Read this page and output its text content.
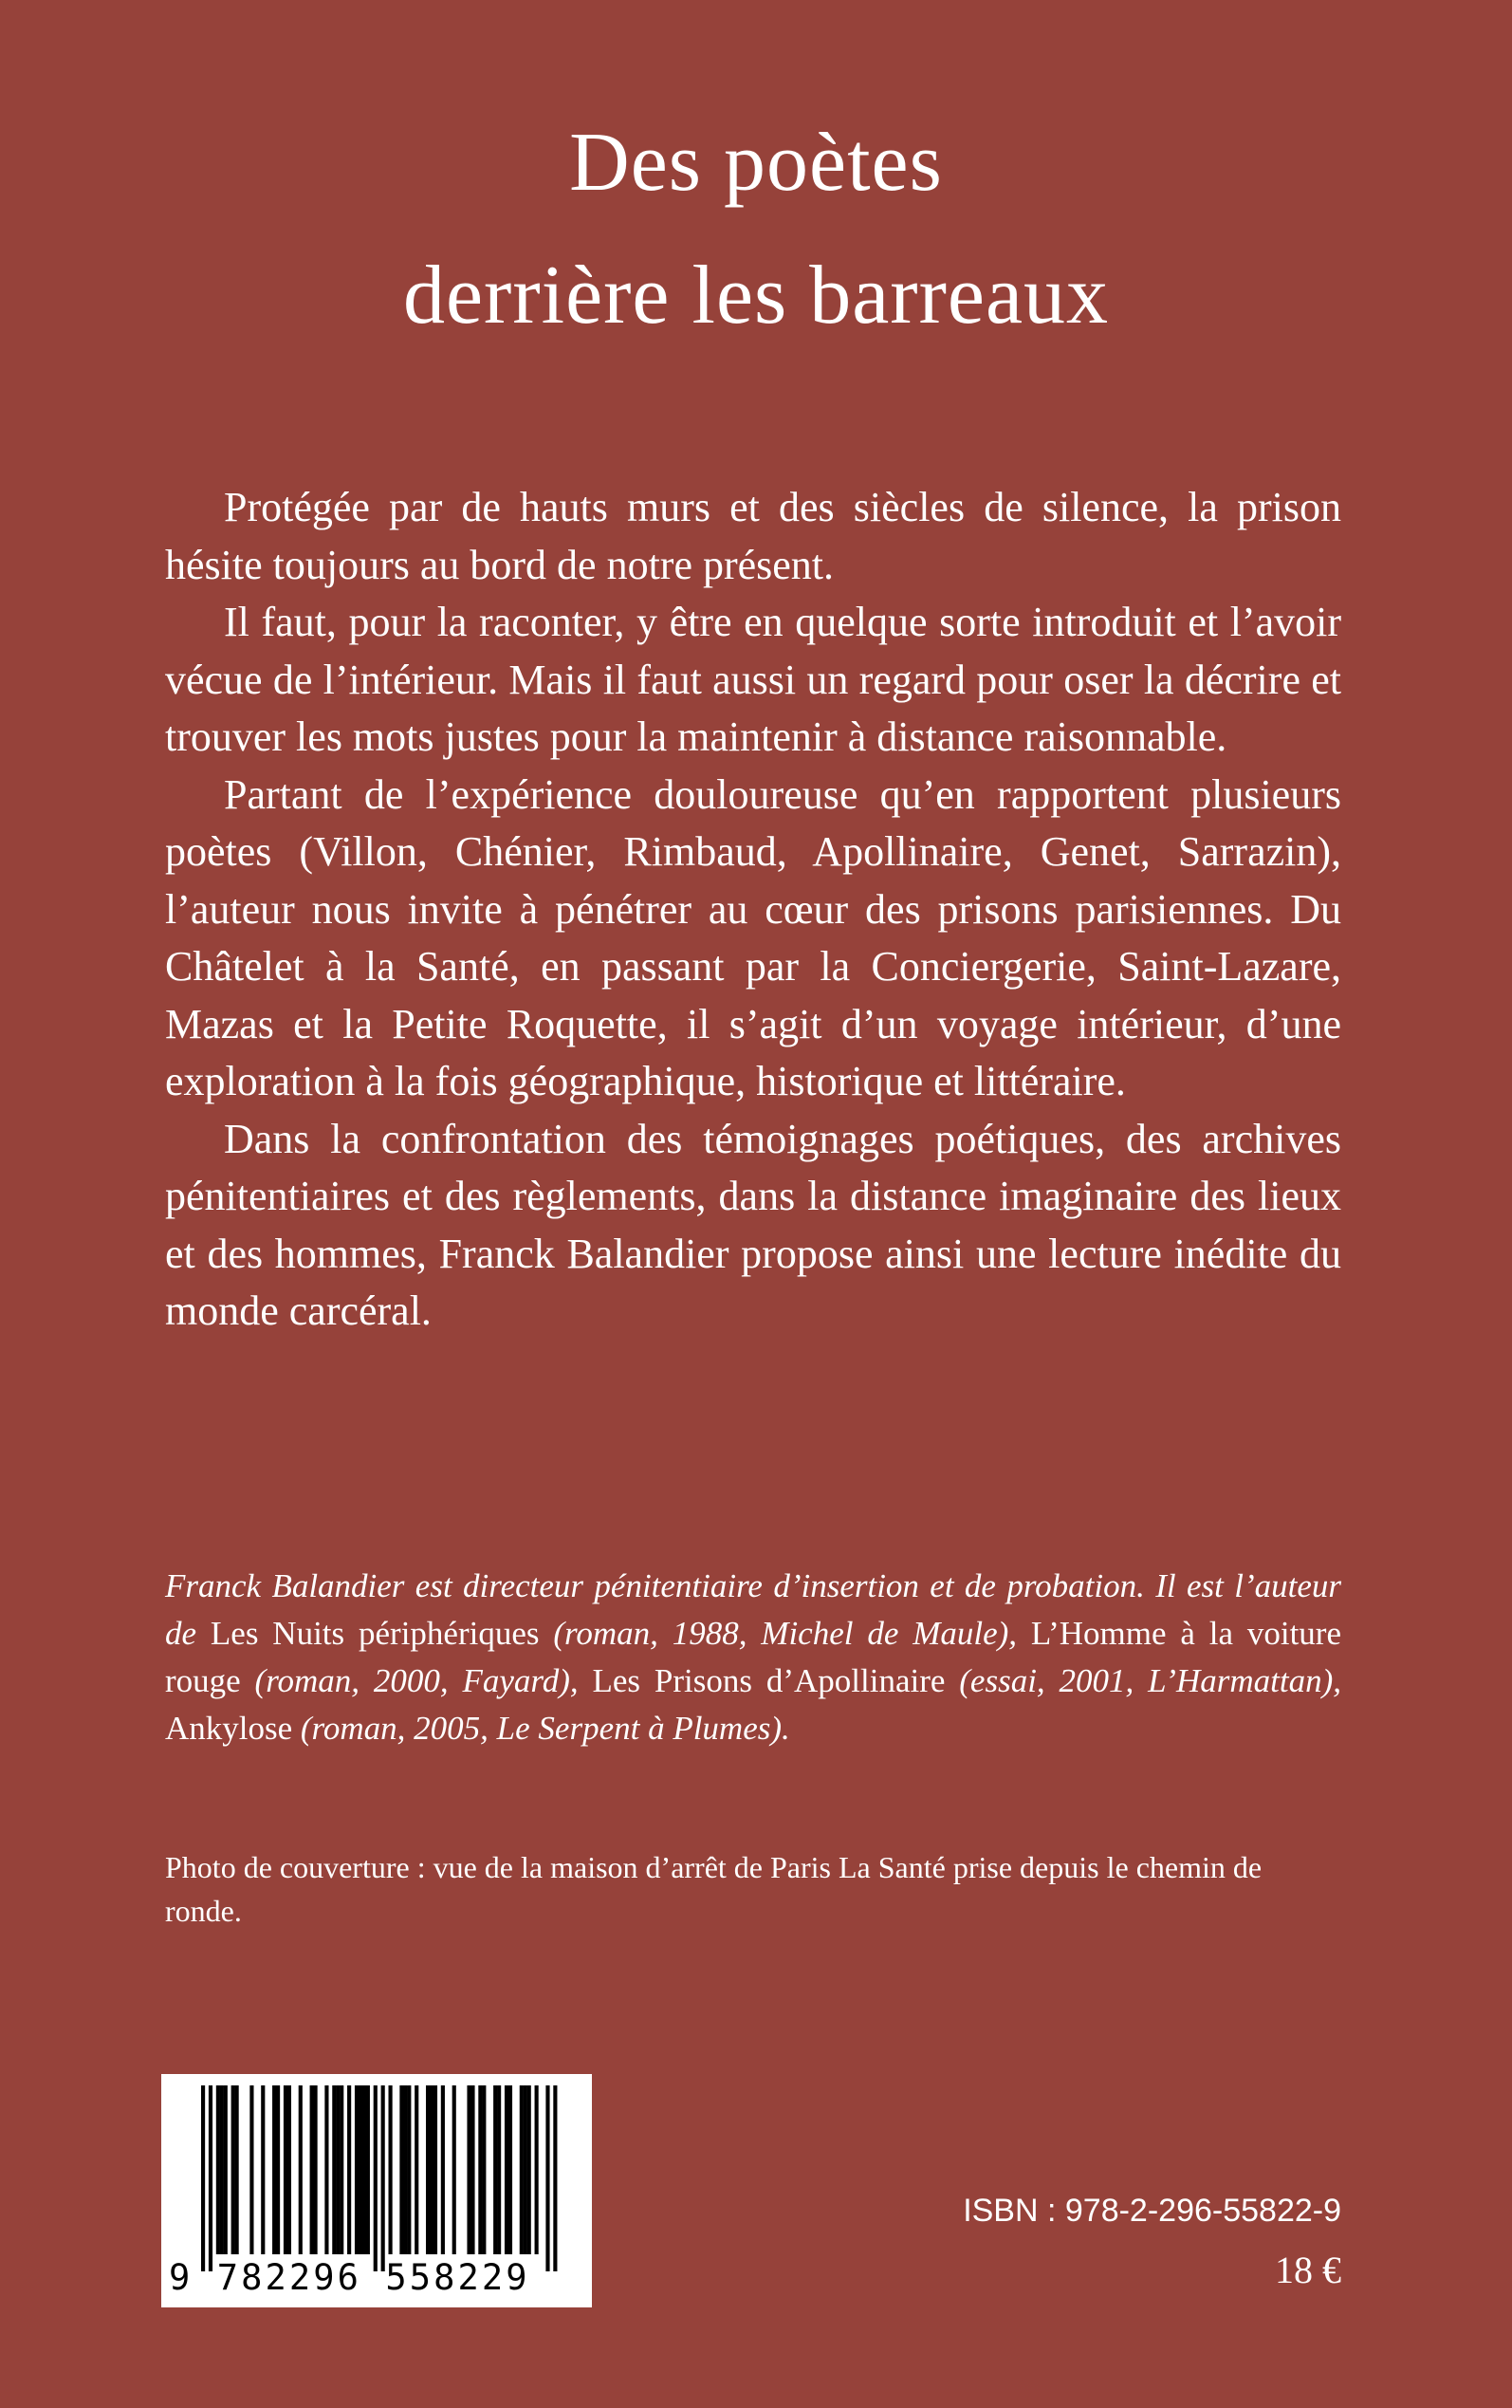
Des poètes
derrière les barreaux

Protégée par de hauts murs et des siècles de silence, la prison hésite toujours au bord de notre présent.

Il faut, pour la raconter, y être en quelque sorte introduit et l’avoir vécue de l’intérieur. Mais il faut aussi un regard pour oser la décrire et trouver les mots justes pour la maintenir à distance raisonnable.

Partant de l’expérience douloureuse qu’en rapportent plusieurs poètes (Villon, Chénier, Rimbaud, Apollinaire, Genet, Sarrazin), l’auteur nous invite à pénétrer au cœur des prisons parisiennes. Du Châtelet à la Santé, en passant par la Conciergerie, Saint-Lazare, Mazas et la Petite Roquette, il s’agit d’un voyage intérieur, d’une exploration à la fois géographique, historique et littéraire.

Dans la confrontation des témoignages poétiques, des archives pénitentiaires et des règlements, dans la distance imaginaire des lieux et des hommes, Franck Balandier propose ainsi une lecture inédite du monde carcéral.

Franck Balandier est directeur pénitentiaire d’insertion et de probation. Il est l’auteur de Les Nuits périphériques (roman, 1988, Michel de Maule), L’Homme à la voiture rouge (roman, 2000, Fayard), Les Prisons d’Apollinaire (essai, 2001, L’Harmattan), Ankylose (roman, 2005, Le Serpent à Plumes).
Photo de couverture : vue de la maison d’arrêt de Paris La Santé prise depuis le chemin de ronde.
9 782296 558229
ISBN : 978-2-296-55822-9
18 €
